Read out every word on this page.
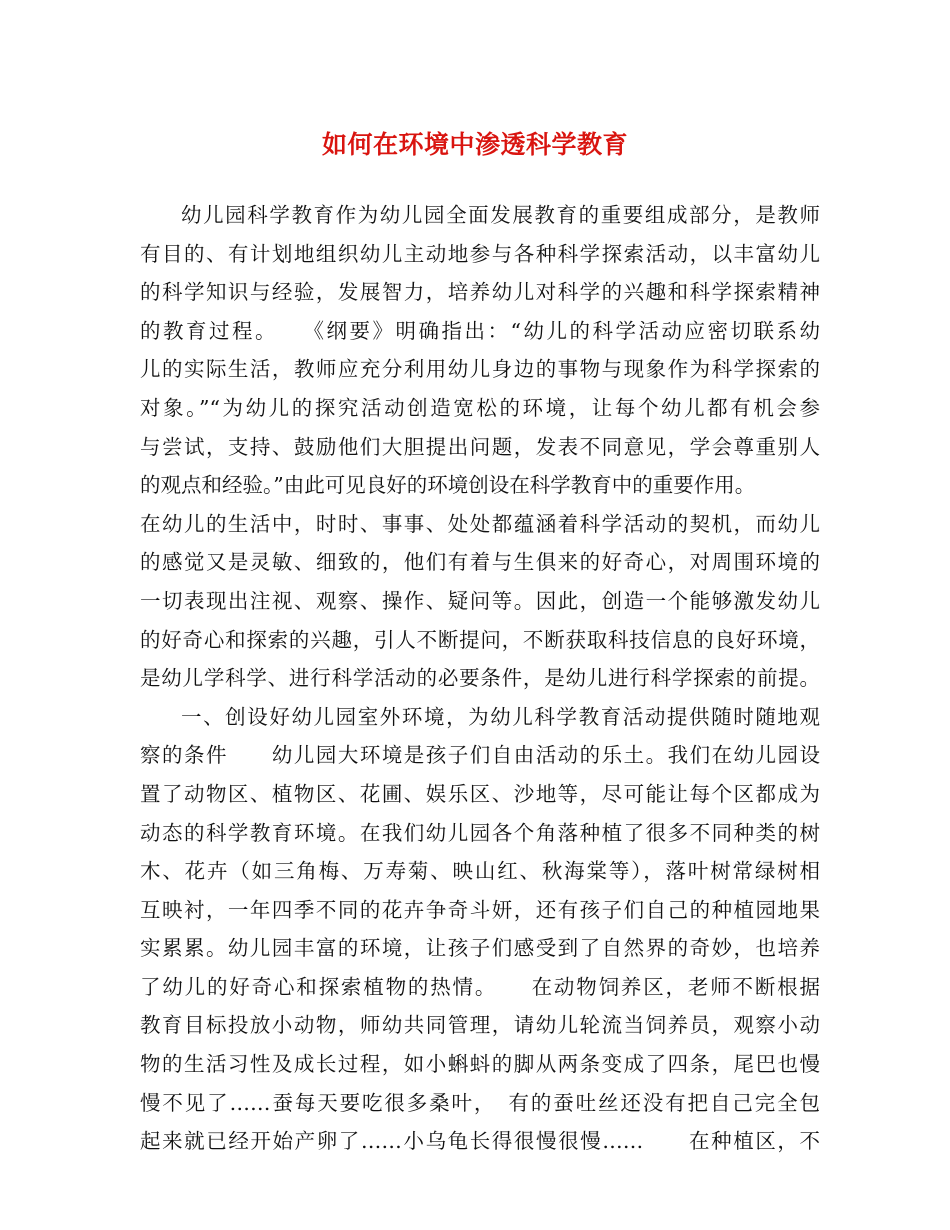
如何在环境中渗透科学教育
幼儿园科学教育作为幼儿园全面发展教育的重要组成部分，是教师
有目的、有计划地组织幼儿主动地参与各种科学探索活动，以丰富幼儿
的科学知识与经验，发展智力，培养幼儿对科学的兴趣和科学探索精神
的教育过程。　　《纲要》明确指出：“幼儿的科学活动应密切联系幼
儿的实际生活，教师应充分利用幼儿身边的事物与现象作为科学探索的
对象。”“为幼儿的探究活动创造宽松的环境，让每个幼儿都有机会参
与尝试，支持、鼓励他们大胆提出问题，发表不同意见，学会尊重别人
的观点和经验。”由此可见良好的环境创设在科学教育中的重要作用。
在幼儿的生活中，时时、事事、处处都蕴涵着科学活动的契机，而幼儿
的感觉又是灵敏、细致的，他们有着与生俱来的好奇心，对周围环境的
一切表现出注视、观察、操作、疑问等。因此，创造一个能够激发幼儿
的好奇心和探索的兴趣，引人不断提问，不断获取科技信息的良好环境，
是幼儿学科学、进行科学活动的必要条件，是幼儿进行科学探索的前提。
一、创设好幼儿园室外环境，为幼儿科学教育活动提供随时随地观
察的条件　　幼儿园大环境是孩子们自由活动的乐土。我们在幼儿园设
置了动物区、植物区、花圃、娱乐区、沙地等，尽可能让每个区都成为
动态的科学教育环境。在我们幼儿园各个角落种植了很多不同种类的树
木、花卉（如三角梅、万寿菊、映山红、秋海棠等），落叶树常绿树相
互映衬，一年四季不同的花卉争奇斗妍，还有孩子们自己的种植园地果
实累累。幼儿园丰富的环境，让孩子们感受到了自然界的奇妙，也培养
了幼儿的好奇心和探索植物的热情。　　在动物饲养区，老师不断根据
教育目标投放小动物，师幼共同管理，请幼儿轮流当饲养员，观察小动
物的生活习性及成长过程，如小蝌蚪的脚从两条变成了四条，尾巴也慢
慢不见了……蚕每天要吃很多桑叶，　有的蚕吐丝还没有把自己完全包
起来就已经开始产卵了……小乌龟长得很慢很慢……　　在种植区，不
